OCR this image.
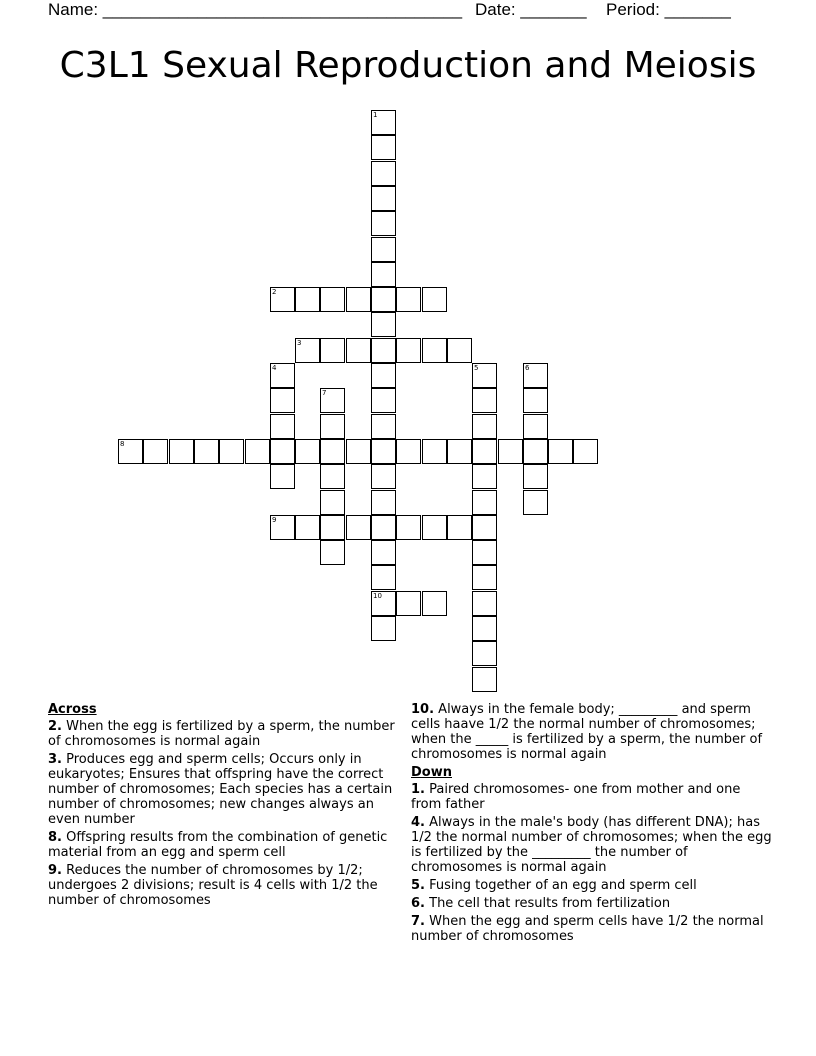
Name: ______________________________________ Date: _______ Period: _______
C3L1 Sexual Reproduction and Meiosis
1
10
2
3
4	5	6
7
8
9
Across
2. When the egg is fertilized by a sperm, the number of chromosomes is normal again
3. Produces egg and sperm cells; Occurs only in eukaryotes; Ensures that offspring have the correct number of chromosomes; Each species has a certain number of chromosomes; new changes always an even number
8. Offspring results from the combination of genetic material from an egg and sperm cell
9. Reduces the number of chromosomes by 1/2; undergoes 2 divisions; result is 4 cells with 1/2 the number of chromosomes
10. Always in the female body; _________ and sperm cells haave 1/2 the normal number of chromosomes; when the _____ is fertilized by a sperm, the number of chromosomes is normal again
Down
1. Paired chromosomes- one from mother and one from father
4. Always in the male's body (has different DNA); has 1/2 the normal number of chromosomes; when the egg is fertilized by the _________ the number of chromosomes is normal again
5. Fusing together of an egg and sperm cell
6. The cell that results from fertilization
7. When the egg and sperm cells have 1/2 the normal number of chromosomes
